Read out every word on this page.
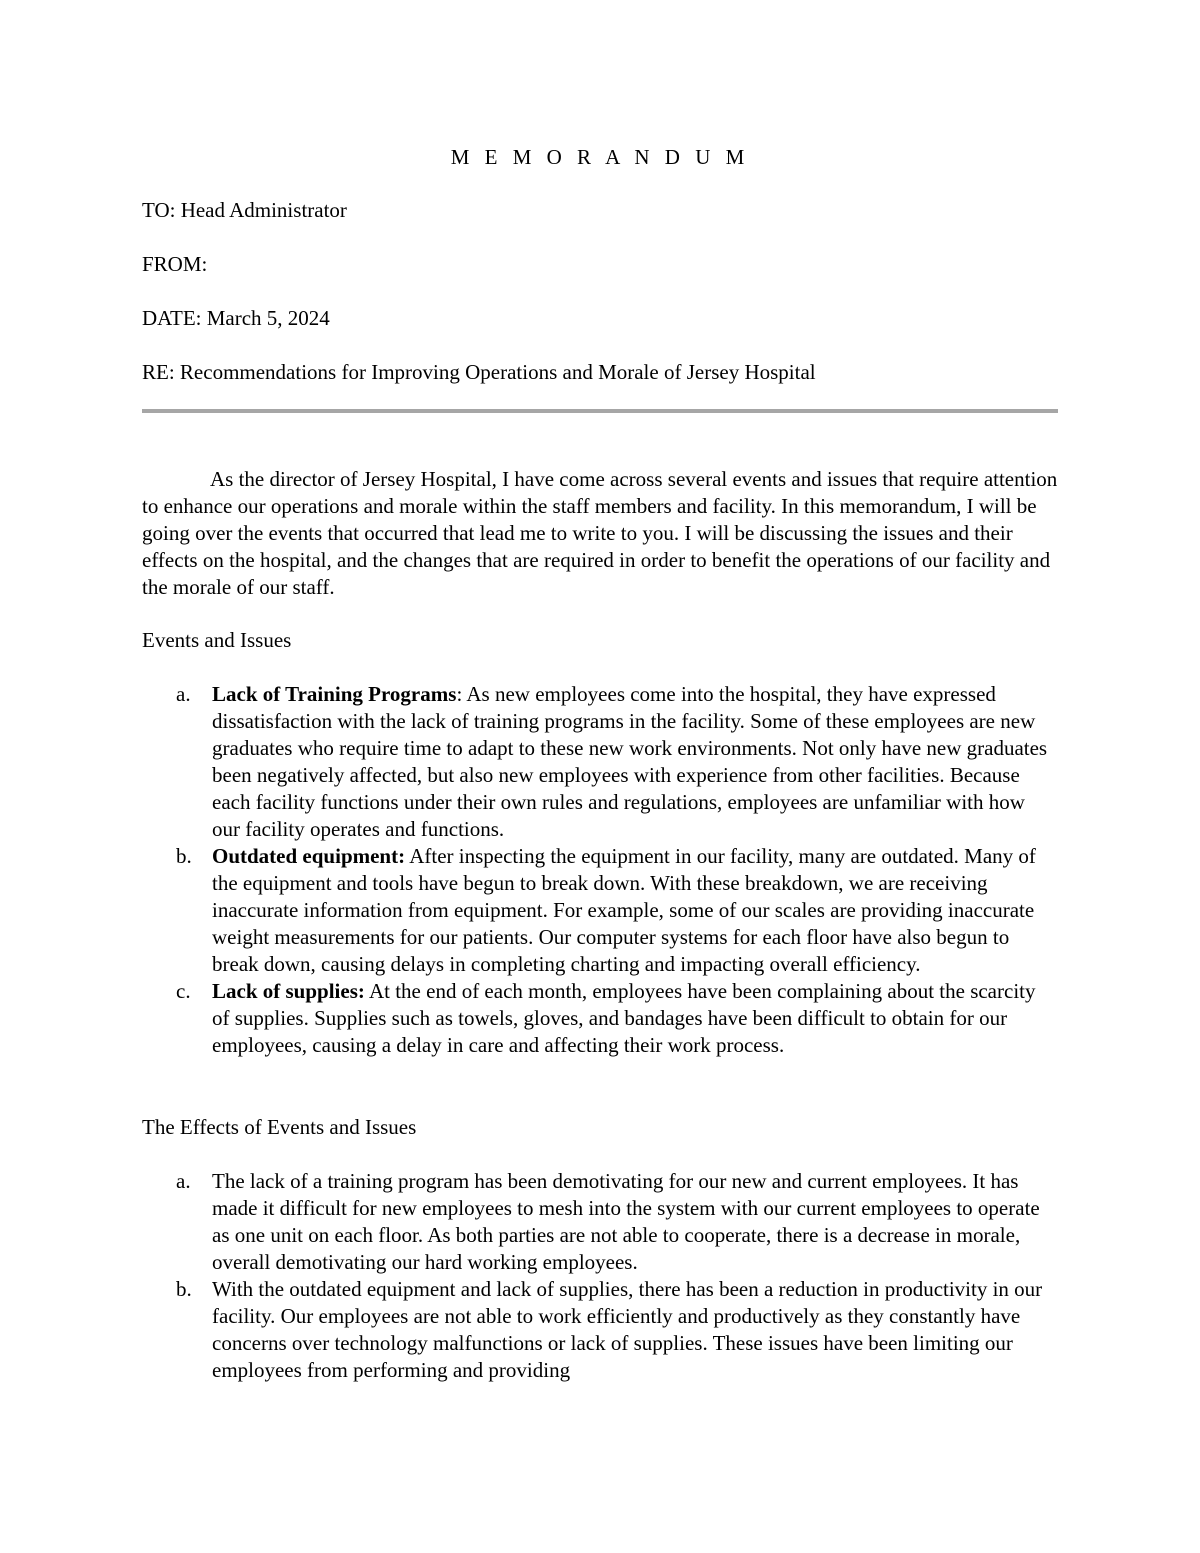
M E M O R A N D U M
TO: Head Administrator
FROM:
DATE: March 5, 2024
RE: Recommendations for Improving Operations and Morale of Jersey Hospital

As the director of Jersey Hospital, I have come across several events and issues that require attention to enhance our operations and morale within the staff members and facility. In this memorandum, I will be going over the events that occurred that lead me to write to you. I will be discussing the issues and their effects on the hospital, and the changes that are required in order to benefit the operations of our facility and the morale of our staff.

Events and Issues

a. Lack of Training Programs: As new employees come into the hospital, they have expressed dissatisfaction with the lack of training programs in the facility. Some of these employees are new graduates who require time to adapt to these new work environments. Not only have new graduates been negatively affected, but also new employees with experience from other facilities. Because each facility functions under their own rules and regulations, employees are unfamiliar with how our facility operates and functions.
b. Outdated equipment: After inspecting the equipment in our facility, many are outdated. Many of the equipment and tools have begun to break down. With these breakdown, we are receiving inaccurate information from equipment. For example, some of our scales are providing inaccurate weight measurements for our patients. Our computer systems for each floor have also begun to break down, causing delays in completing charting and impacting overall efficiency.
c. Lack of supplies: At the end of each month, employees have been complaining about the scarcity of supplies. Supplies such as towels, gloves, and bandages have been difficult to obtain for our employees, causing a delay in care and affecting their work process.

The Effects of Events and Issues

a. The lack of a training program has been demotivating for our new and current employees. It has made it difficult for new employees to mesh into the system with our current employees to operate as one unit on each floor. As both parties are not able to cooperate, there is a decrease in morale, overall demotivating our hard working employees.
b. With the outdated equipment and lack of supplies, there has been a reduction in productivity in our facility. Our employees are not able to work efficiently and productively as they constantly have concerns over technology malfunctions or lack of supplies. These issues have been limiting our employees from performing and providing
